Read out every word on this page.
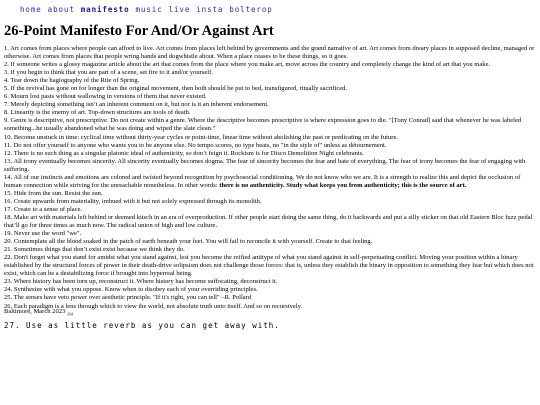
home about manifesto music live insta bolterop
26-Point Manifesto For And/Or Against Art

1. Art comes from places where people can afford to live. Art comes from places left behind by governments and the grand narrative of art. Art comes from dreary places in supposed decline, managed or otherwise. Art comes from places that people wring hands and dogwhistle about. When a place ceases to be these things, so it goes.

2. If someone writes a glossy magazine article about the art that comes from the place where you make art, move across the country and completely change the kind of art that you make.

3. If you begin to think that you are part of a scene, set fire to it and/or yourself.

4. Tear down the hagiography of the Rite of Spring.

5. If the revival has gone on for longer than the original movement, then both should be put to bed, transfigured, ritually sacrificed.

6. Mourn lost pasts without wallowing in versions of them that never existed.

7. Merely depicting something isn’t an inherent comment on it, but nor is it an inherent endorsement.

8. Linearity is the enemy of art. Top-down structures are tools of death.

9. Genre is descriptive, not prescriptive. Do not create within a genre. Where the descriptive becomes prescriptive is where expression goes to die. "[Tony Conrad] said that whenever he was labeled something...he usually abandoned what he was doing and wiped the slate clean."

10. Become unstuck in time: cyclical time without thirty-year cycles or point-time, linear time without abolishing the past or predicating on the future.

11. Do not offer yourself to anyone who wants you to be anyone else. No tempo scores, no type beats, no "in the style of" unless as détournement.

12. There is no such thing as a singular platonic ideal of authenticity, so don’t feign it. Rockism is for Disco Demolition Night celebrants.

13. All irony eventually becomes sincerity. All sincerity eventually becomes dogma. The fear of sincerity becomes the fear and hate of everything. The fear of irony becomes the fear of engaging with suffering.

14. All of our instincts and emotions are colored and twisted beyond recognition by psychosocial conditioning. We do not know who we are. It is a strength to realize this and depict the occlusion of human connection while striving for the unreachable nonetheless. In other words: there is no authenticity. Study what keeps you from authenticity; this is the source of art.

15. Hide from the sun. Resist the sun.

16. Create upwards from materiality, imbued with it but not solely expressed through its monolith.

17. Create to a sense of place.

18. Make art with materials left behind or deemed kitsch in an era of overproduction. If other people start doing the same thing, do it backwards and put a silly sticker on that old Eastern Bloc fuzz pedal that’ll go for three times as much now. The radical union of high and low culture.

19. Never use the word "we".

20. Contemplate all the blood soaked in the patch of earth beneath your feet. You will fail to reconcile it with yourself. Create to that feeling.

21. Sometimes things that don’t exist exist because we think they do.

22. Don't forget what you stand for amidst what you stand against, lest you become the reified antitype of what you stand against in self-perpetuating conflict. Moving your position within a binary established by the structural forces of power in their death-drive solipsism does not challenge those forces: that is, unless they establish the binary in opposition to something they fear but which does not exist, which can be a destabilizing force if brought into hyperreal being.

23. Where history has been torn up, reconstruct it. Where history has become suffocating, deconstruct it.

24. Synthesize with what you oppose. Know when to disobey each of your overriding principles.

25. The senses have veto power over aesthetic principle. "If it's right, you can tell" –R. Pollard

26. Each paradigm is a lens through which to view the world, not absolute truth unto itself. And so on recursively.

Baltimore, March 2023 $_{334}$
27. Use as little reverb as you can get away with.
